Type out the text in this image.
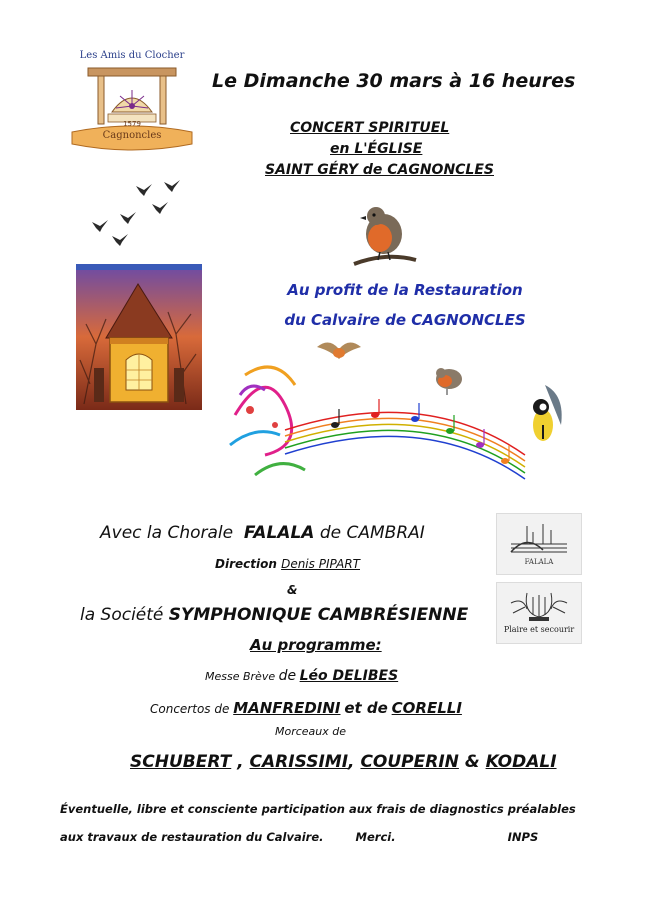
Les Amis du Clocher
1579
Cagnoncles
Le Dimanche 30 mars à 16 heures
CONCERT SPIRITUEL
en L'ÉGLISE
SAINT GÉRY de CAGNONCLES
Au profit de la Restauration
du Calvaire de CAGNONCLES
Avec la Chorale FALALA de CAMBRAI
Direction Denis PIPART
&
la Société SYMPHONIQUE CAMBRÉSIENNE
FALALA
Plaire et secourir
Au programme:
Messe Brève de Léo DELIBES
Concertos de MANFREDINI et de CORELLI
Morceaux de
SCHUBERT , CARISSIMI, COUPERIN & KODALI
Éventuelle, libre et consciente participation aux frais de diagnostics préalables
aux travaux de restauration du Calvaire.	Merci.	INPS
